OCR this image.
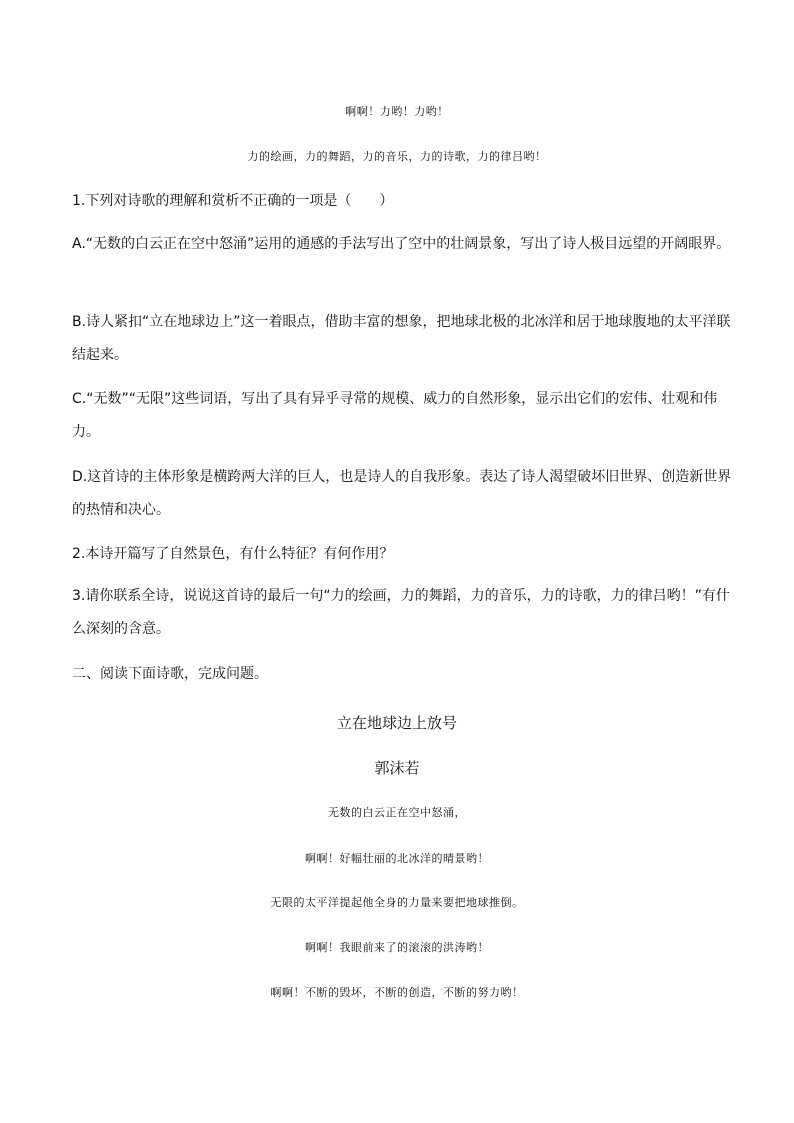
啊啊！力哟！力哟！
力的绘画，力的舞蹈，力的音乐，力的诗歌，力的律吕哟！
1.下列对诗歌的理解和赏析不正确的一项是（　　）
A.“无数的白云正在空中怒涌”运用的通感的手法写出了空中的壮阔景象，写出了诗人极目远望的开阔眼界。
B.诗人紧扣“立在地球边上”这一着眼点，借助丰富的想象，把地球北极的北冰洋和居于地球腹地的太平洋联结起来。
C.“无数”“无限”这些词语，写出了具有异乎寻常的规模、威力的自然形象，显示出它们的宏伟、壮观和伟力。
D.这首诗的主体形象是横跨两大洋的巨人，也是诗人的自我形象。表达了诗人渴望破坏旧世界、创造新世界的热情和决心。
2.本诗开篇写了自然景色，有什么特征？有何作用？
3.请你联系全诗，说说这首诗的最后一句“力的绘画，力的舞蹈，力的音乐，力的诗歌，力的律吕哟！”有什么深刻的含意。
二、阅读下面诗歌，完成问题。
立在地球边上放号
郭沫若
无数的白云正在空中怒涌，
啊啊！好幅壮丽的北冰洋的晴景哟！
无限的太平洋提起他全身的力量来要把地球推倒。
啊啊！我眼前来了的滚滚的洪涛哟！
啊啊！不断的毁坏，不断的创造，不断的努力哟！
